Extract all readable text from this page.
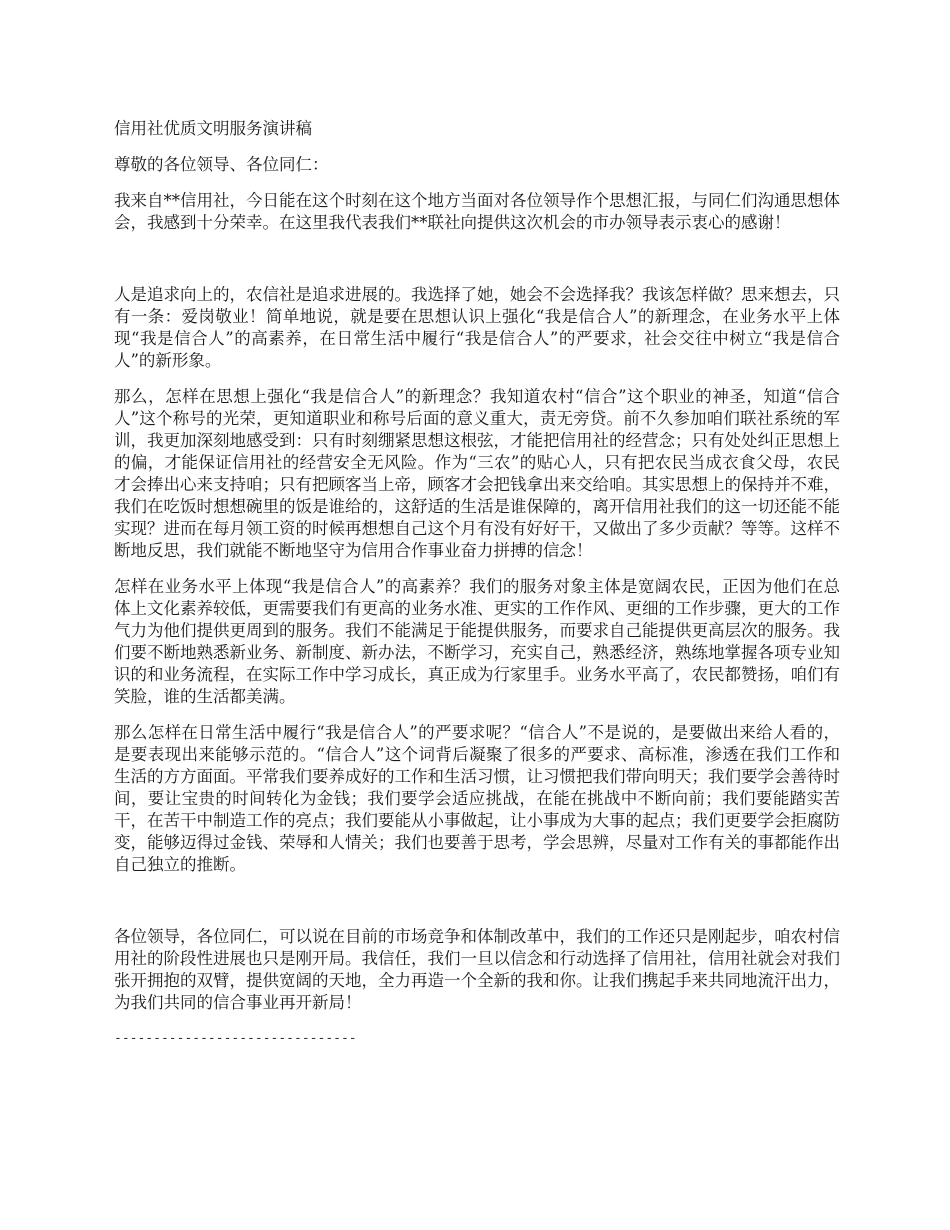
信用社优质文明服务演讲稿

尊敬的各位领导、各位同仁：

我来自**信用社，今日能在这个时刻在这个地方当面对各位领导作个思想汇报，与同仁们沟通思想体会，我感到十分荣幸。在这里我代表我们**联社向提供这次机会的市办领导表示衷心的感谢！

人是追求向上的，农信社是追求进展的。我选择了她，她会不会选择我？我该怎样做？思来想去，只有一条：爱岗敬业！简单地说，就是要在思想认识上强化“我是信合人”的新理念，在业务水平上体现“我是信合人”的高素养，在日常生活中履行“我是信合人”的严要求，社会交往中树立“我是信合人”的新形象。

那么，怎样在思想上强化“我是信合人”的新理念？我知道农村“信合”这个职业的神圣，知道“信合人”这个称号的光荣，更知道职业和称号后面的意义重大，责无旁贷。前不久参加咱们联社系统的军训，我更加深刻地感受到：只有时刻绷紧思想这根弦，才能把信用社的经营念；只有处处纠正思想上的偏，才能保证信用社的经营安全无风险。作为“三农”的贴心人，只有把农民当成衣食父母，农民才会捧出心来支持咱；只有把顾客当上帝，顾客才会把钱拿出来交给咱。其实思想上的保持并不难，我们在吃饭时想想碗里的饭是谁给的，这舒适的生活是谁保障的，离开信用社我们的这一切还能不能实现？进而在每月领工资的时候再想想自己这个月有没有好好干，又做出了多少贡献？等等。这样不断地反思，我们就能不断地坚守为信用合作事业奋力拼搏的信念！

怎样在业务水平上体现“我是信合人”的高素养？我们的服务对象主体是宽阔农民，正因为他们在总体上文化素养较低，更需要我们有更高的业务水准、更实的工作作风、更细的工作步骤，更大的工作气力为他们提供更周到的服务。我们不能满足于能提供服务，而要求自己能提供更高层次的服务。我们要不断地熟悉新业务、新制度、新办法，不断学习，充实自己，熟悉经济，熟练地掌握各项专业知识的和业务流程，在实际工作中学习成长，真正成为行家里手。业务水平高了，农民都赞扬，咱们有笑脸，谁的生活都美满。

那么怎样在日常生活中履行“我是信合人”的严要求呢？“信合人”不是说的，是要做出来给人看的，是要表现出来能够示范的。“信合人”这个词背后凝聚了很多的严要求、高标准，渗透在我们工作和生活的方方面面。平常我们要养成好的工作和生活习惯，让习惯把我们带向明天；我们要学会善待时间，要让宝贵的时间转化为金钱；我们要学会适应挑战，在能在挑战中不断向前；我们要能踏实苦干，在苦干中制造工作的亮点；我们要能从小事做起，让小事成为大事的起点；我们更要学会拒腐防变，能够迈得过金钱、荣辱和人情关；我们也要善于思考，学会思辨，尽量对工作有关的事都能作出自己独立的推断。

各位领导，各位同仁，可以说在目前的市场竞争和体制改革中，我们的工作还只是刚起步，咱农村信用社的阶段性进展也只是刚开局。我信任，我们一旦以信念和行动选择了信用社，信用社就会对我们张开拥抱的双臂，提供宽阔的天地，全力再造一个全新的我和你。让我们携起手来共同地流汗出力，为我们共同的信合事业再开新局！

-------------------------------
